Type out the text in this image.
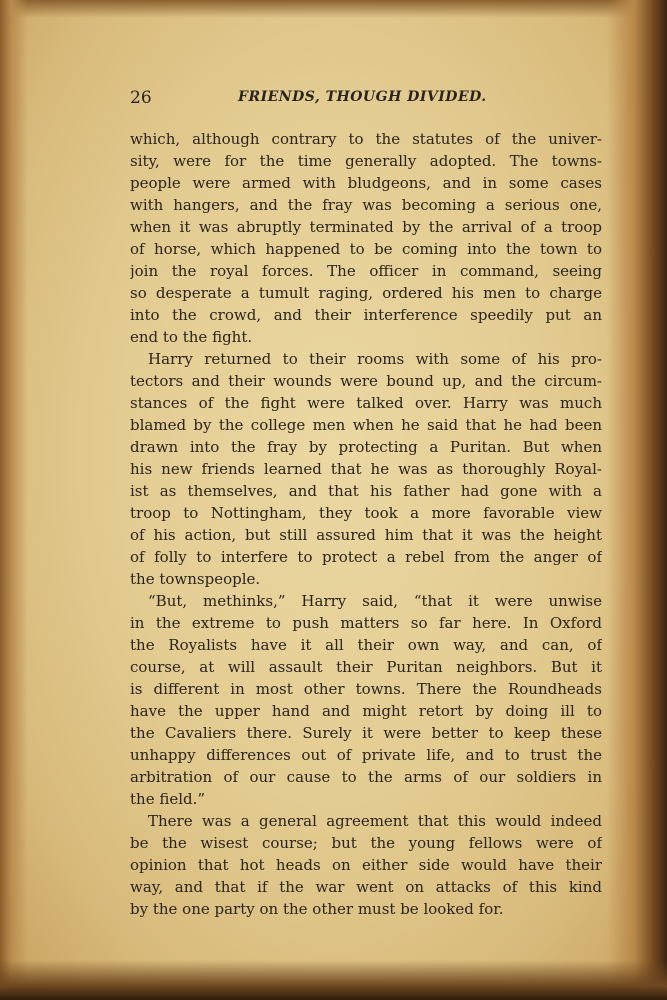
26	FRIENDS, THOUGH DIVIDED.
which, although contrary to the statutes of the univer-
sity, were for the time generally adopted. The towns-
people were armed with bludgeons, and in some cases
with hangers, and the fray was becoming a serious one,
when it was abruptly terminated by the arrival of a troop
of horse, which happened to be coming into the town to
join the royal forces. The officer in command, seeing
so desperate a tumult raging, ordered his men to charge
into the crowd, and their interference speedily put an
end to the fight.
Harry returned to their rooms with some of his pro-
tectors and their wounds were bound up, and the circum-
stances of the fight were talked over. Harry was much
blamed by the college men when he said that he had been
drawn into the fray by protecting a Puritan. But when
his new friends learned that he was as thoroughly Royal-
ist as themselves, and that his father had gone with a
troop to Nottingham, they took a more favorable view
of his action, but still assured him that it was the height
of folly to interfere to protect a rebel from the anger of
the townspeople.
“But, methinks,” Harry said, “that it were unwise
in the extreme to push matters so far here. In Oxford
the Royalists have it all their own way, and can, of
course, at will assault their Puritan neighbors. But it
is different in most other towns. There the Roundheads
have the upper hand and might retort by doing ill to
the Cavaliers there. Surely it were better to keep these
unhappy differences out of private life, and to trust the
arbitration of our cause to the arms of our soldiers in
the field.”
There was a general agreement that this would indeed
be the wisest course; but the young fellows were of
opinion that hot heads on either side would have their
way, and that if the war went on attacks of this kind
by the one party on the other must be looked for.
